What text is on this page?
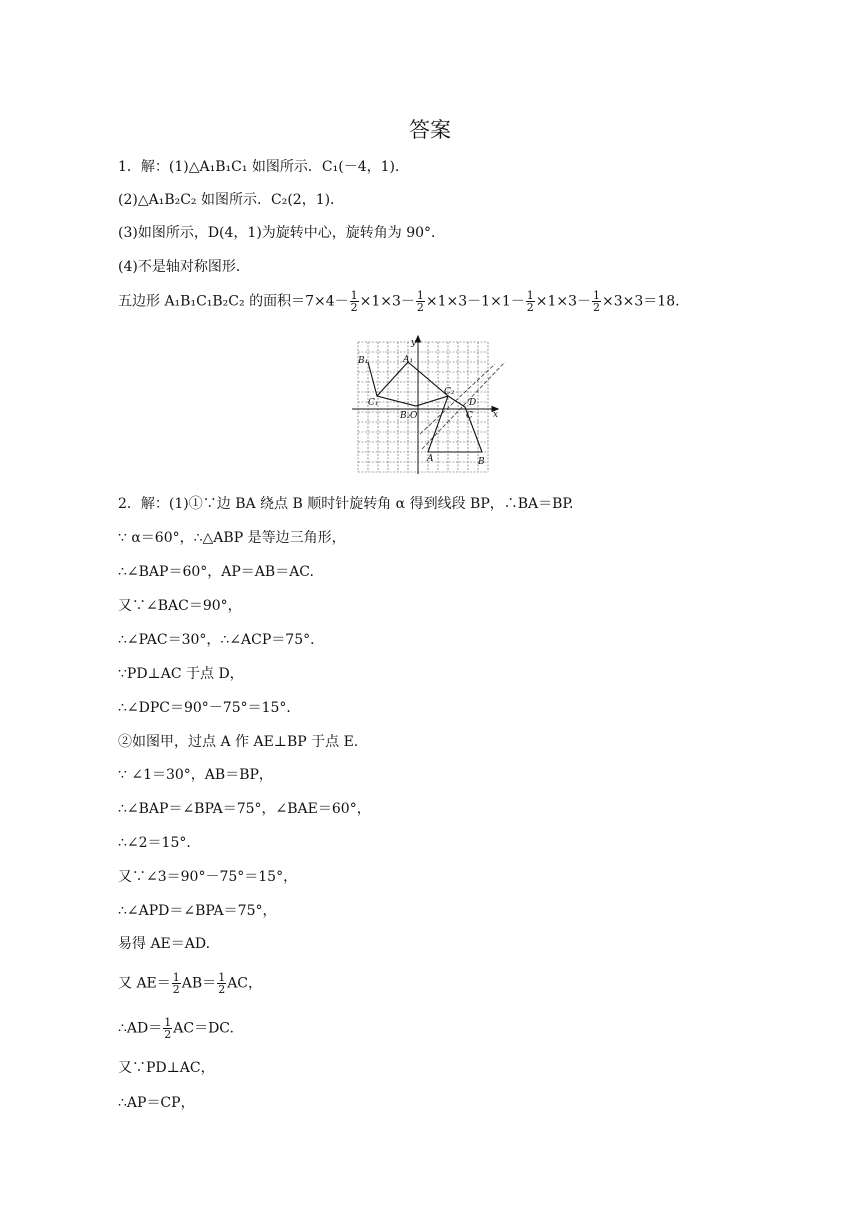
答案
1．解：(1)△A₁B₁C₁ 如图所示．C₁(－4，1)．
(2)△A₁B₂C₂ 如图所示．C₂(2，1)．
(3)如图所示，D(4，1)为旋转中心，旋转角为 90°．
(4)不是轴对称图形．
五边形 A₁B₁C₁B₂C₂ 的面积$=7\times 4- \frac{1}{2} \times 1\times 3- \frac{1}{2} \times 1\times 3-1\times 1- \frac{1}{2} \times 1\times 3- \frac{1}{2} \times 3\times 3=18$.
y
x
O
B₁	A₁
C₁
B₂
C₂
D
A	B
C
2．解：(1)①∵边 BA 绕点 B 顺时针旋转角 α 得到线段 BP，∴BA＝BP.
∵ α＝60°，∴△ABP 是等边三角形，
∴∠BAP＝60°，AP＝AB＝AC.
又∵∠BAC＝90°，
∴∠PAC＝30°，∴∠ACP＝75°．
∵PD⊥AC 于点 D，
∴∠DPC＝90°－75°＝15°．
②如图甲，过点 A 作 AE⊥BP 于点 E.
∵ ∠1＝30°，AB＝BP，
∴∠BAP＝∠BPA＝75°，∠BAE＝60°，
∴∠2＝15°．
又∵∠3＝90°－75°＝15°，
∴∠APD＝∠BPA＝75°，
易得 AE＝AD.
又 $AE= \frac{1}{2} AB= \frac{1}{2}$ AC，
∴AD＝ $\frac{1}{2} AC=DC$.
又∵PD⊥AC，
∴AP＝CP，
